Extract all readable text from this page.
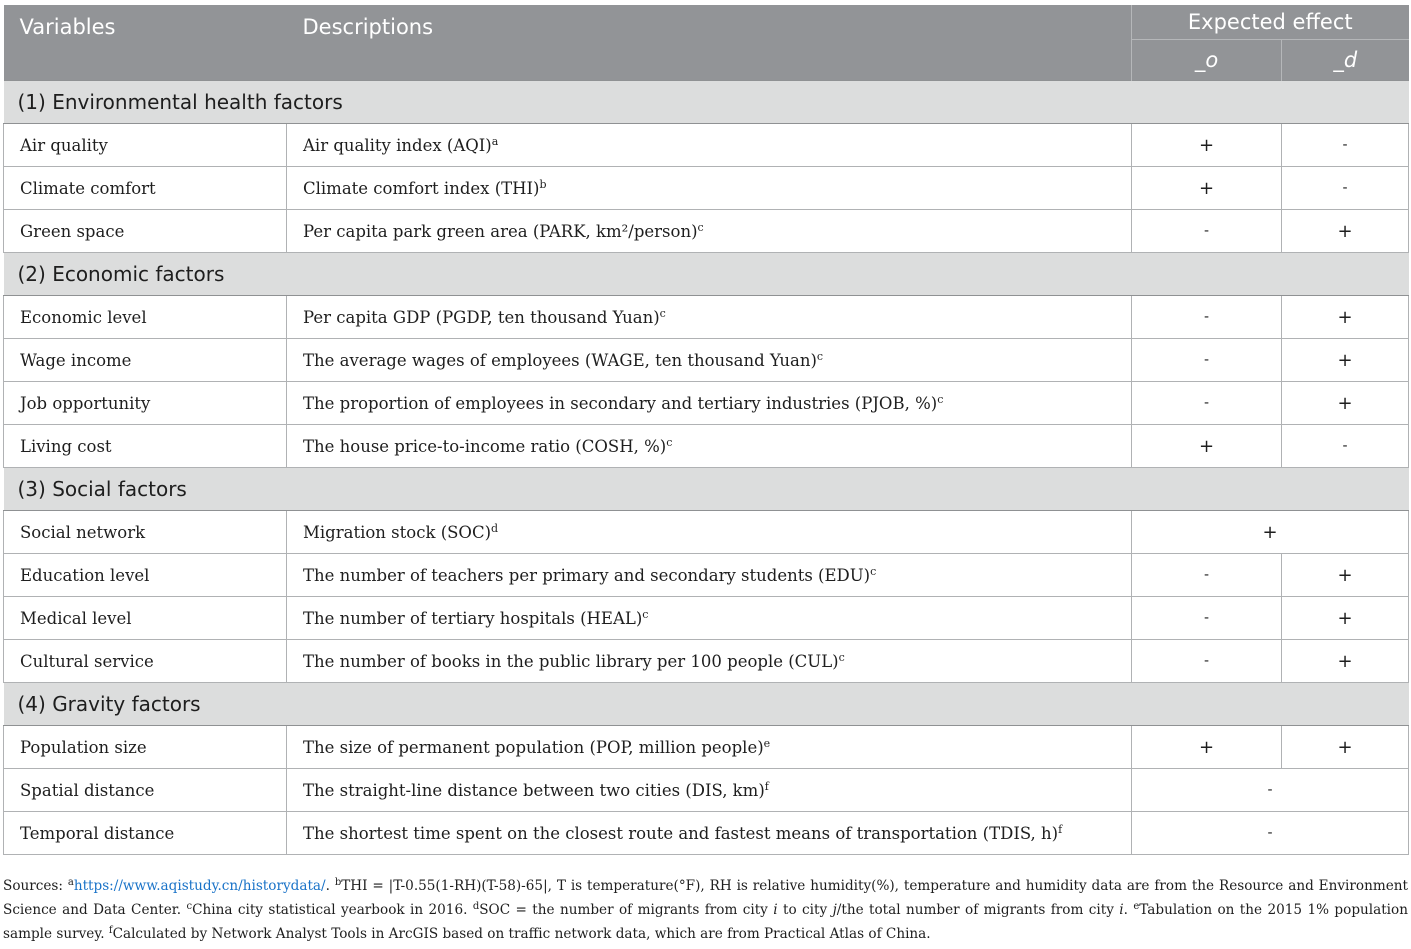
Variables	Descriptions	Expected effect	
		_o	_d
(1) Environmental health factors			
Air quality	Air quality index (AQI)$^a$	+	-
Climate comfort	Climate comfort index (THI)$^b$	+	-
Green space	Per capita park green area (PARK, km²/person)$^c$	-	+
(2) Economic factors			
Economic level	Per capita GDP (PGDP, ten thousand Yuan)$^c$	-	+
Wage income	The average wages of employees (WAGE, ten thousand Yuan)$^c$	-	+
Job opportunity	The proportion of employees in secondary and tertiary industries (PJOB, %)$^c$	-	+
Living cost	The house price-to-income ratio (COSH, %)$^c$	+	-
(3) Social factors			
Social network	Migration stock (SOC)$^d$	+	
Education level	The number of teachers per primary and secondary students (EDU)$^c$	-	+
Medical level	The number of tertiary hospitals (HEAL)$^c$	-	+
Cultural service	The number of books in the public library per 100 people (CUL)$^c$	-	+
(4) Gravity factors			
Population size	The size of permanent population (POP, million people)$^e$	+	+
Spatial distance	The straight-line distance between two cities (DIS, km)$^f$	-	
Temporal distance	The shortest time spent on the closest route and fastest means of transportation (TDIS, h)$^f$	-	
Sources: $^a$https://www.aqistudy.cn/historydata/. $^b$THI = |T-0.55(1-RH)(T-58)-65|, T is temperature(°F), RH is relative humidity(%), temperature and humidity data are from the Resource and Environment Science and Data Center. $^c$China city statistical yearbook in 2016. $^d$SOC = the number of migrants from city i to city j/the total number of migrants from city i. $^e$Tabulation on the 2015 1% population sample survey. $^f$Calculated by Network Analyst Tools in ArcGIS based on traffic network data, which are from Practical Atlas of China.
